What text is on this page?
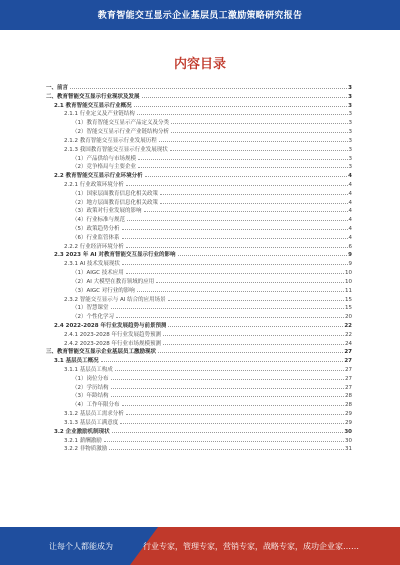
教育智能交互显示企业基层员工激励策略研究报告
内容目录
一、前言	3
二、教育智能交互显示行业现状及发展	3
2.1 教育智能交互显示行业概况	3
2.1.1 行业定义及产业链结构	3
（1）教育智能交互显示产品定义及分类	3
（2）智能交互显示行业产业链结构分析	3
2.1.2 教育智能交互显示行业发展历程	3
2.1.3 我国教育智能交互显示行业发展现状	3
（1）产品供给与市场规模	3
（2）竞争格局与主要企业	3
2.2 教育智能交互显示行业环境分析	4
2.2.1 行业政策环境分析	4
（1）国家层面教育信息化相关政策	4
（2）地方层面教育信息化相关政策	4
（3）政策对行业发展的影响	4
（4）行业标准与规范	4
（5）政策趋势分析	4
（6）行业监管体系	4
2.2.2 行业经济环境分析	6
2.3 2023 年 AI 对教育智能交互显示行业的影响	9
2.3.1 AI 技术发展现状	9
（1）AIGC 技术应用	10
（2）AI 大模型在教育领域的应用	10
（3）AIGC 对行业的影响	11
2.3.2 智能交互显示与 AI 结合的应用场景	15
（1）智慧课堂	15
（2）个性化学习	20
2.4 2022-2028 年行业发展趋势与前景预测	22
2.4.1 2023-2028 年行业发展趋势预测	22
2.4.2 2023-2028 年行业市场规模预测	24
三、教育智能交互显示企业基层员工激励现状	27
3.1 基层员工概况	27
3.1.1 基层员工构成	27
（1）岗位分布	27
（2）学历结构	27
（3）年龄结构	28
（4）工作年限分布	28
3.1.2 基层员工需求分析	29
3.1.3 基层员工满意度	29
3.2 企业激励机制现状	30
3.2.1 薪酬激励	30
3.2.2 非物质激励	31
让每个人都能成为	行业专家，管理专家，营销专家，战略专家，成功企业家……
